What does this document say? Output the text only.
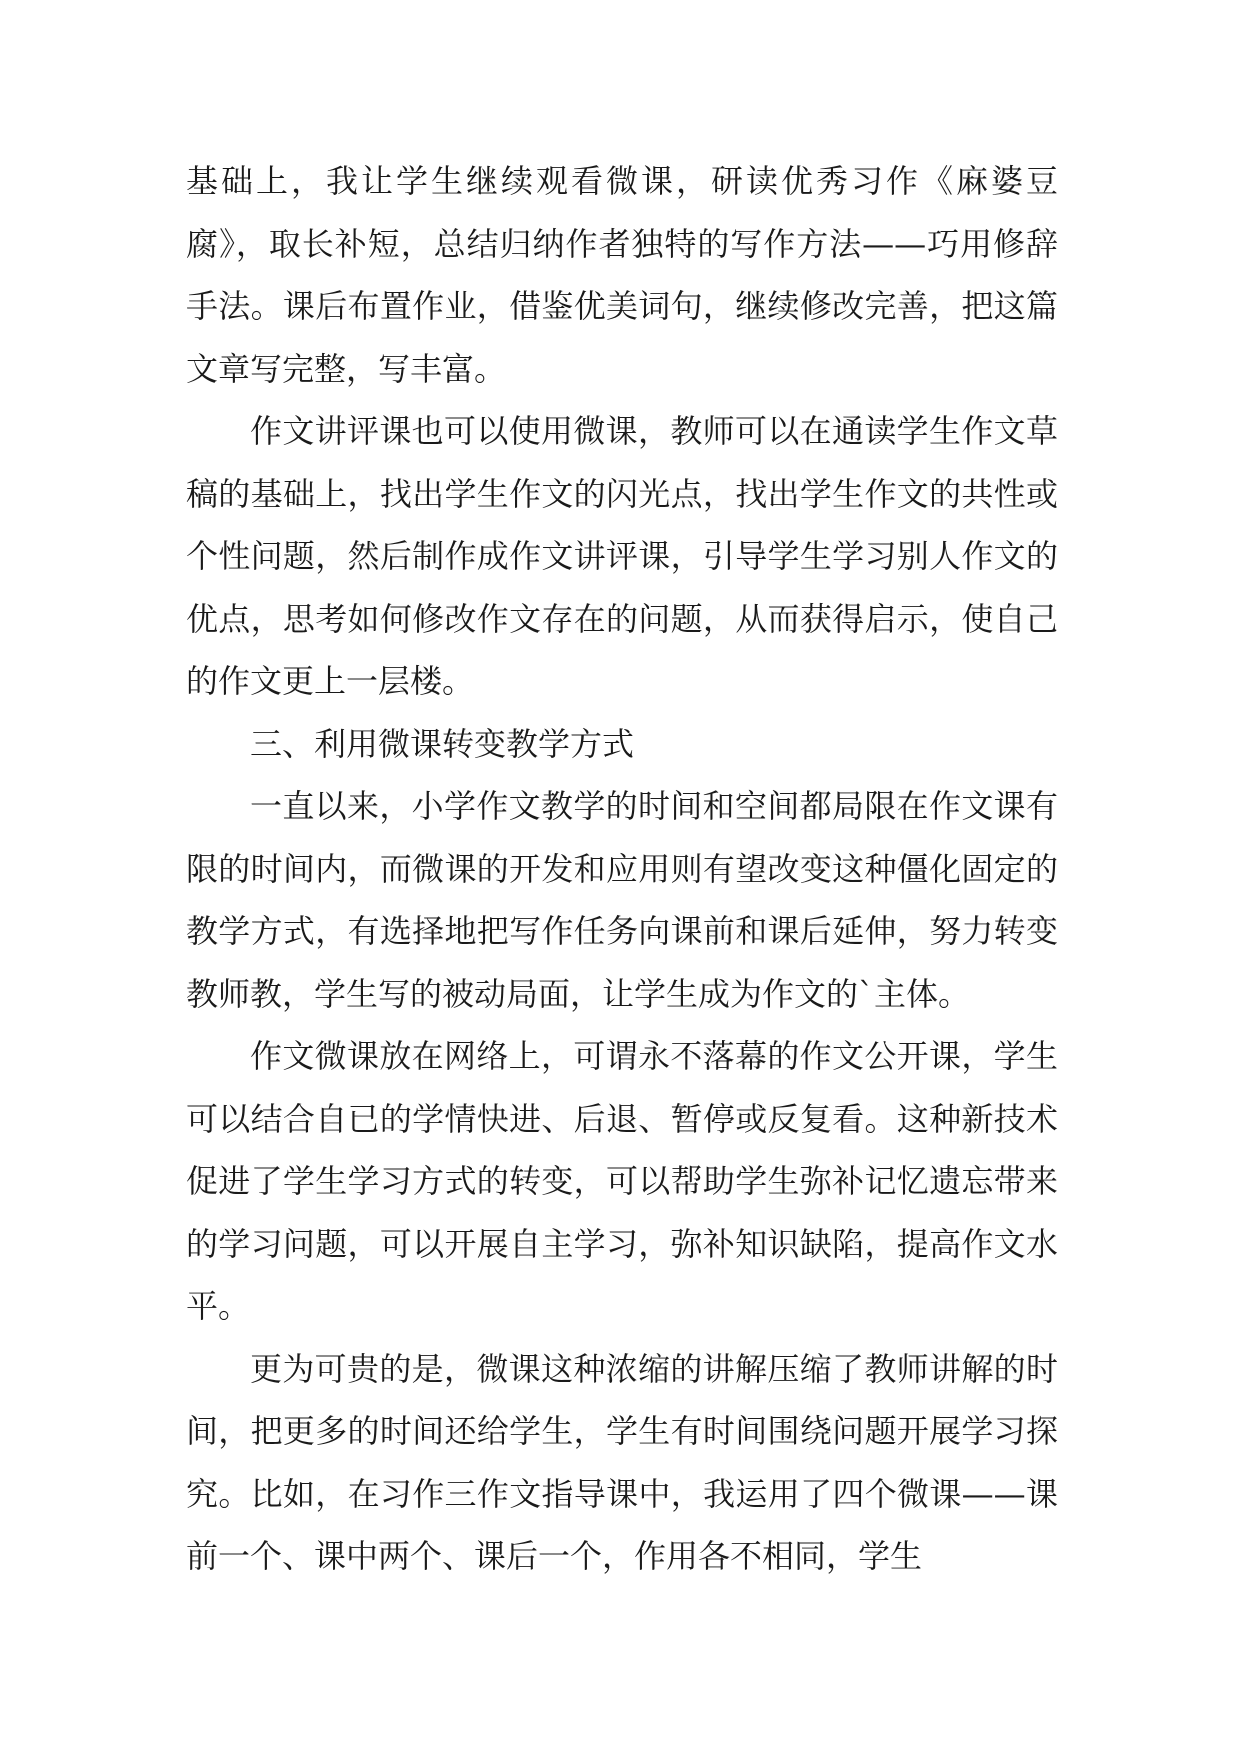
基础上，我让学生继续观看微课，研读优秀习作《麻婆豆腐》，取长补短，总结归纳作者独特的写作方法——巧用修辞手法。课后布置作业，借鉴优美词句，继续修改完善，把这篇文章写完整，写丰富。

作文讲评课也可以使用微课，教师可以在通读学生作文草稿的基础上，找出学生作文的闪光点，找出学生作文的共性或个性问题，然后制作成作文讲评课，引导学生学习别人作文的优点，思考如何修改作文存在的问题，从而获得启示，使自己的作文更上一层楼。

三、利用微课转变教学方式

一直以来，小学作文教学的时间和空间都局限在作文课有限的时间内，而微课的开发和应用则有望改变这种僵化固定的教学方式，有选择地把写作任务向课前和课后延伸，努力转变教师教，学生写的被动局面，让学生成为作文的`主体。

作文微课放在网络上，可谓永不落幕的作文公开课，学生可以结合自已的学情快进、后退、暂停或反复看。这种新技术促进了学生学习方式的转变，可以帮助学生弥补记忆遗忘带来的学习问题，可以开展自主学习，弥补知识缺陷，提高作文水平。

更为可贵的是，微课这种浓缩的讲解压缩了教师讲解的时间，把更多的时间还给学生，学生有时间围绕问题开展学习探究。比如，在习作三作文指导课中，我运用了四个微课——课前一个、课中两个、课后一个，作用各不相同，学生
